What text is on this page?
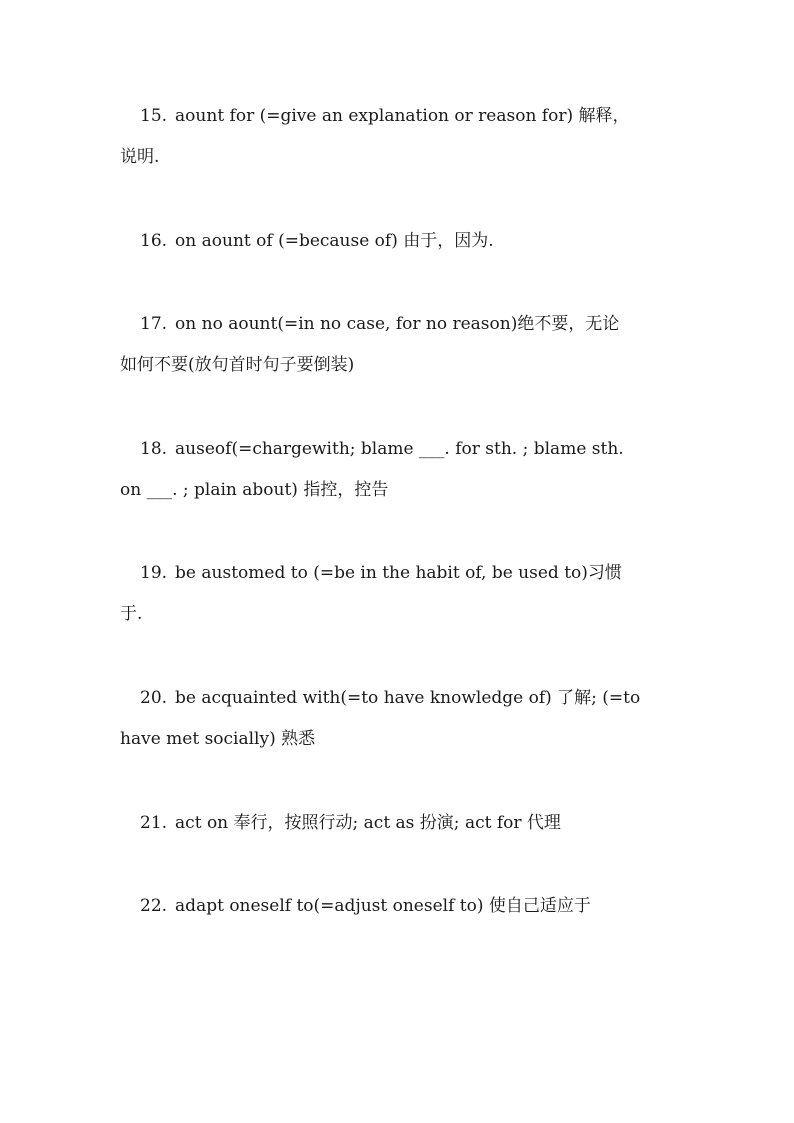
15. aount for (=give an explanation or reason for) 解释，
说明.
16. on aount of (=because of) 由于，因为.
17. on no aount(=in no case, for no reason)绝不要，无论
如何不要(放句首时句子要倒装)
18. auseof(=chargewith; blame ___. for sth. ; blame sth.
on ___. ; plain about) 指控，控告
19. be austomed to (=be in the habit of, be used to)习惯
于.
20. be acquainted with(=to have knowledge of) 了解; (=to
have met socially) 熟悉
21. act on 奉行，按照行动; act as 扮演; act for 代理
22. adapt oneself to(=adjust oneself to) 使自己适应于
